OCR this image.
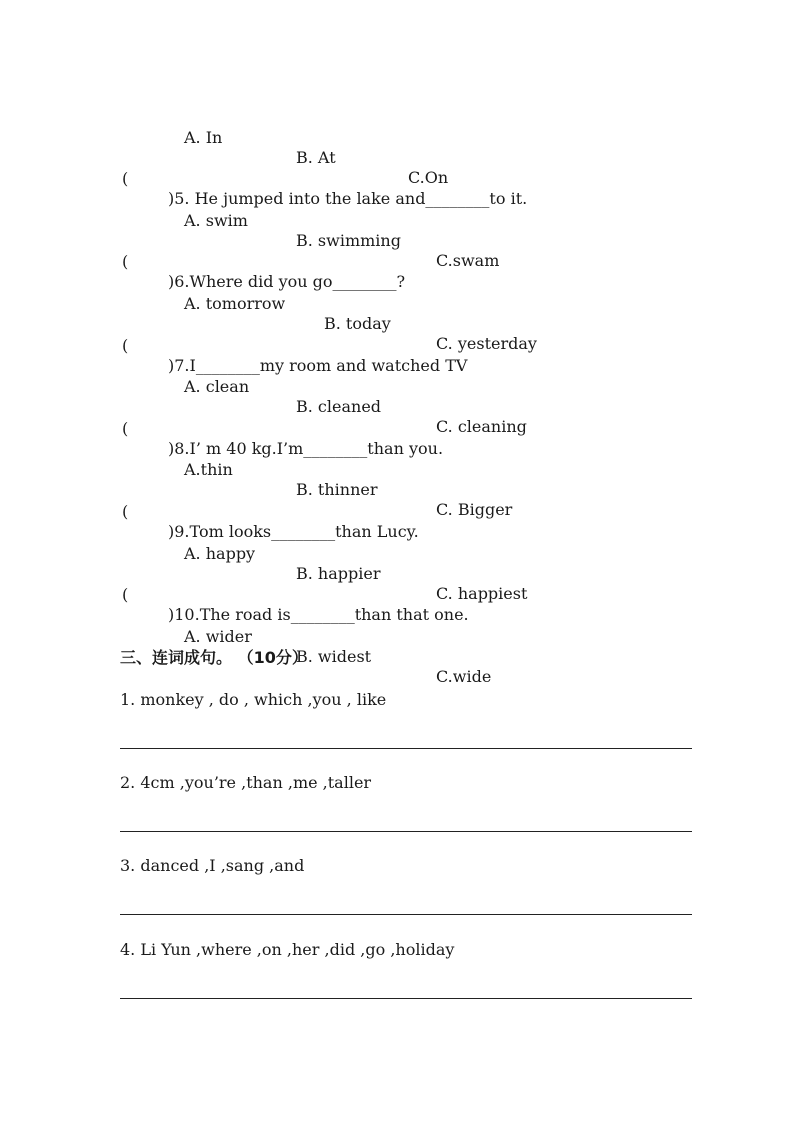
A. In

B. At

C.On

(

)5. He jumped into the lake and________to it.

A. swim

B. swimming

C.swam

(

)6.Where did you go________?

A. tomorrow

B. today

C. yesterday

(

)7.I________my room and watched TV

A. clean

B. cleaned

C. cleaning

(

)8.I’ m 40 kg.I’m________than you.

A.thin

B. thinner

C. Bigger

(

)9.Tom looks________than Lucy.

A. happy

B. happier

C. happiest

(

)10.The road is________than that one.

A. wider

B. widest

C.wide

三、连词成句。 （10分）
1. monkey , do , which ,you , like
2. 4cm ,you’re ,than ,me ,taller
3. danced ,I ,sang ,and
4. Li Yun ,where ,on ,her ,did ,go ,holiday
